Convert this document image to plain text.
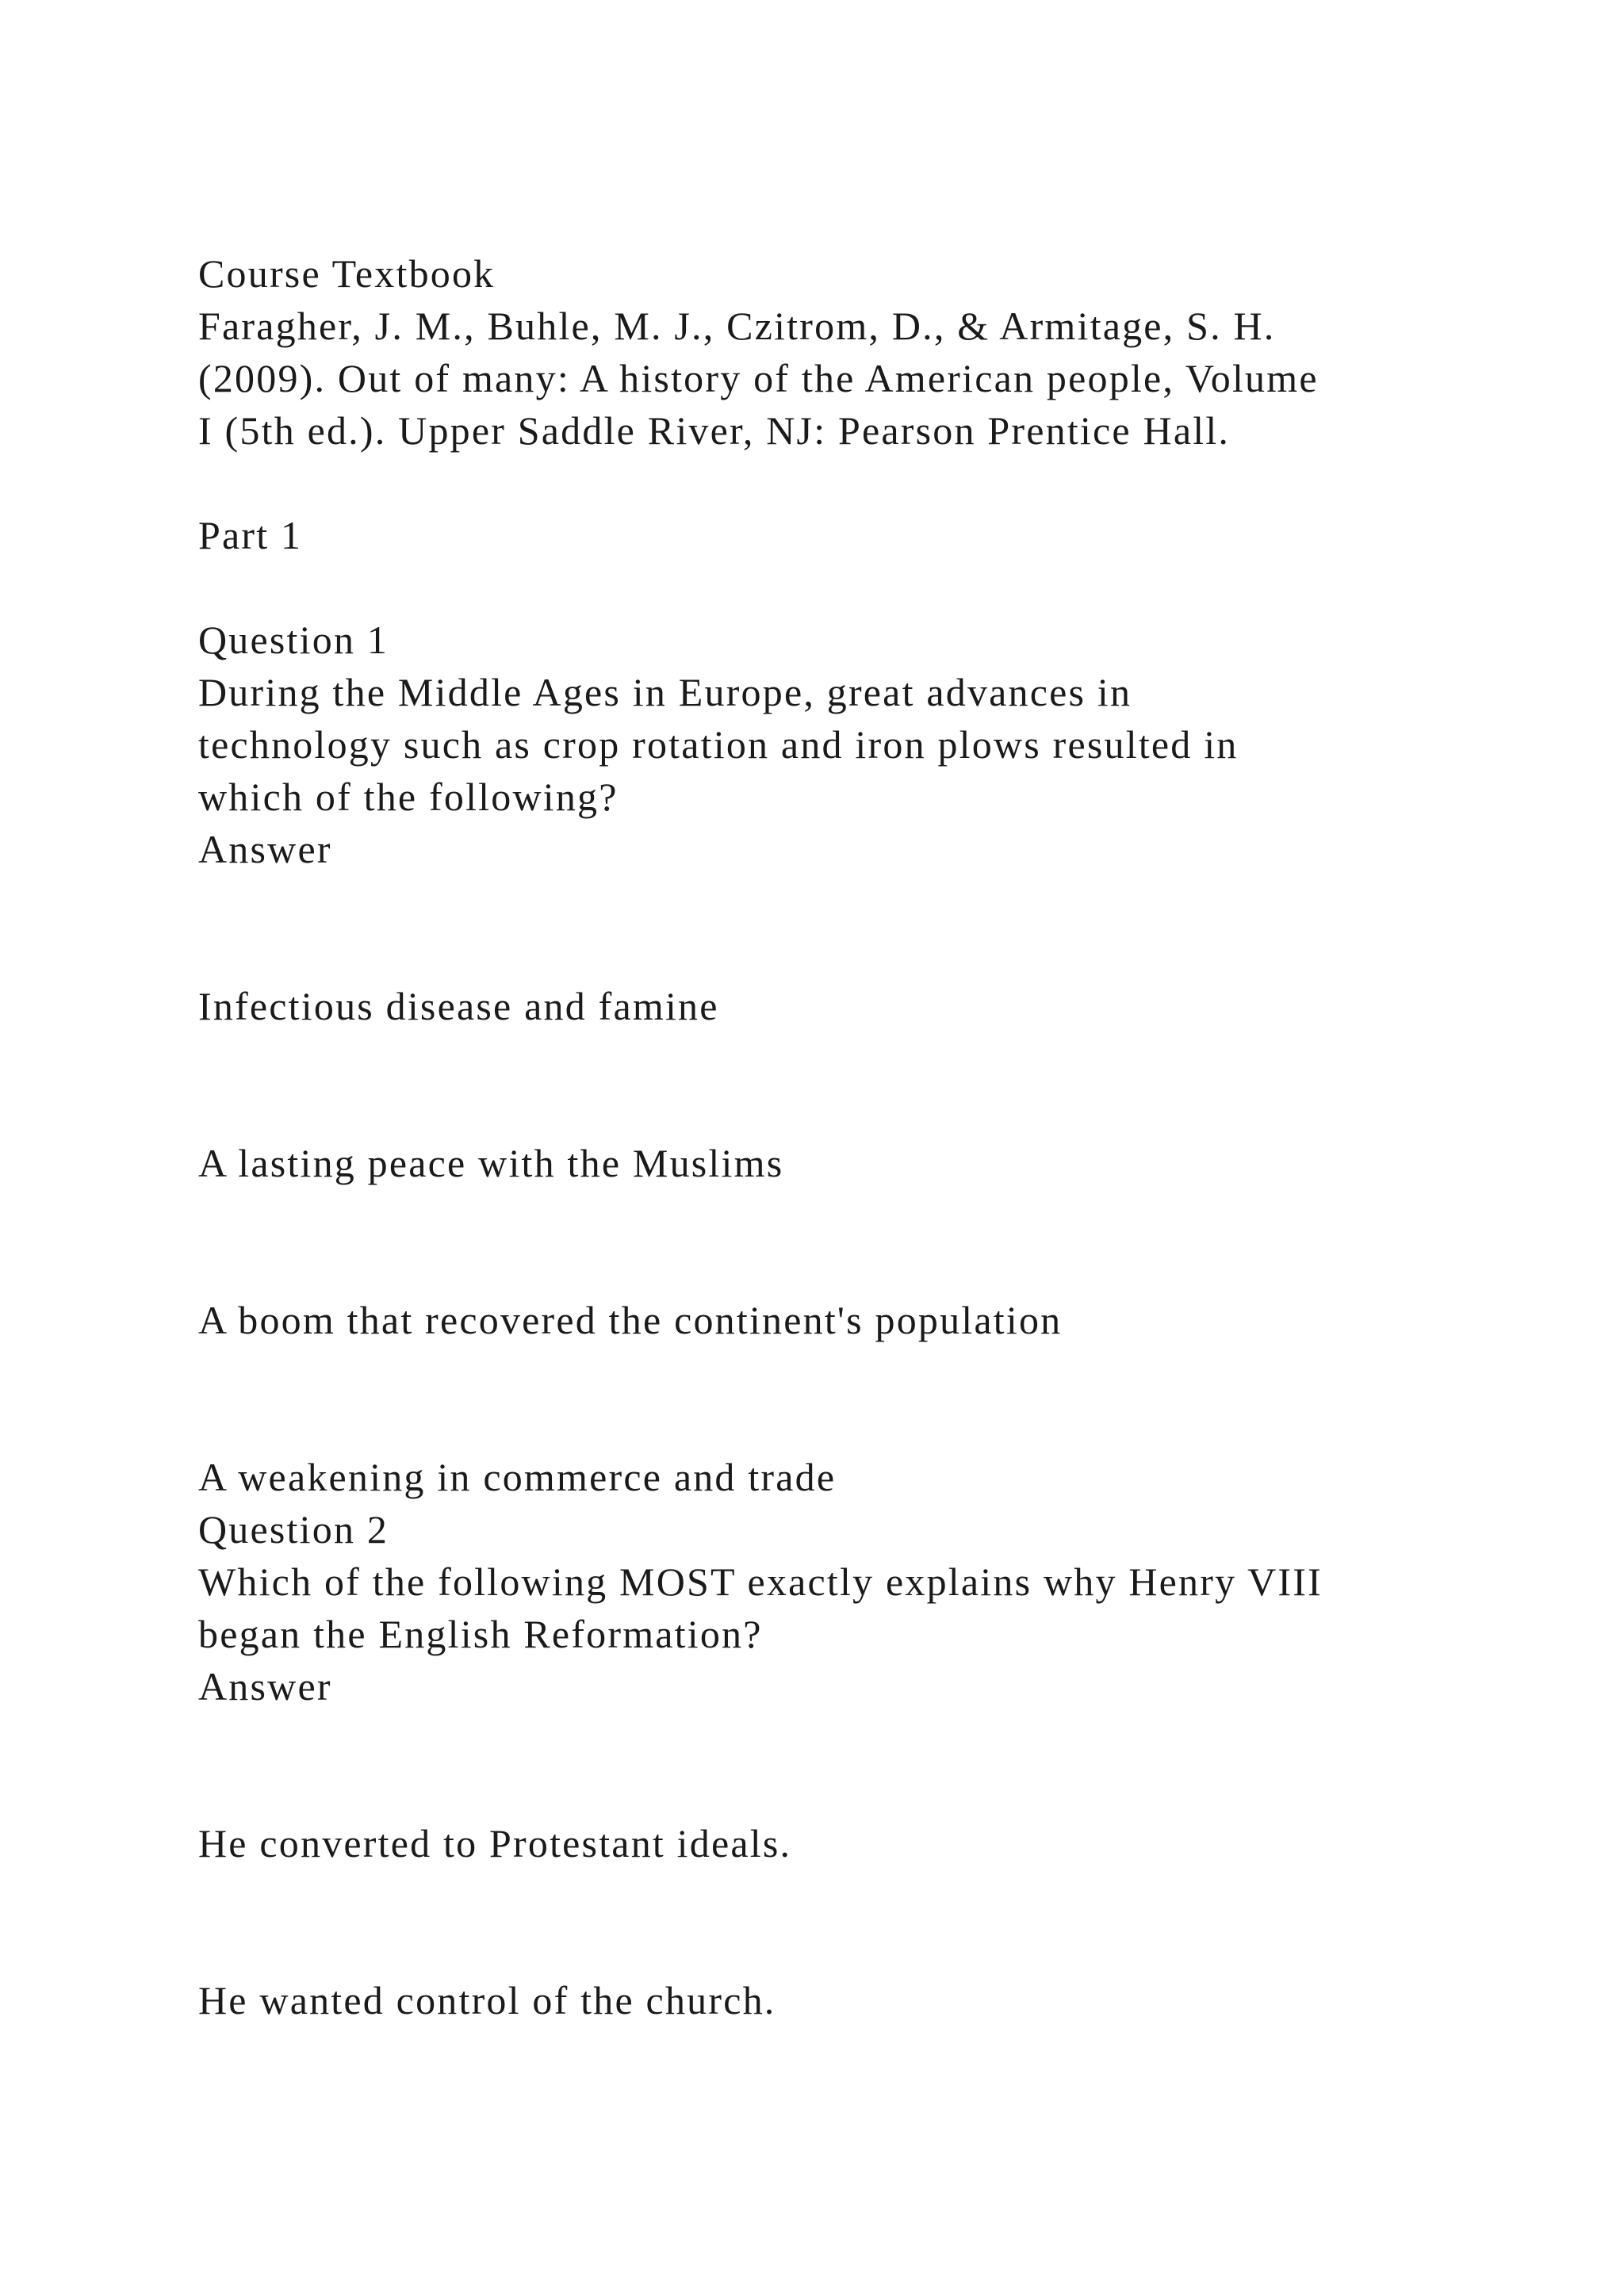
Course Textbook
Faragher, J. M., Buhle, M. J., Czitrom, D., & Armitage, S. H.
(2009). Out of many: A history of the American people, Volume
I (5th ed.). Upper Saddle River, NJ: Pearson Prentice Hall.
Part 1
Question 1
During the Middle Ages in Europe, great advances in
technology such as crop rotation and iron plows resulted in
which of the following?
Answer
Infectious disease and famine
A lasting peace with the Muslims
A boom that recovered the continent's population
A weakening in commerce and trade
Question 2
Which of the following MOST exactly explains why Henry VIII
began the English Reformation?
Answer
He converted to Protestant ideals.
He wanted control of the church.
